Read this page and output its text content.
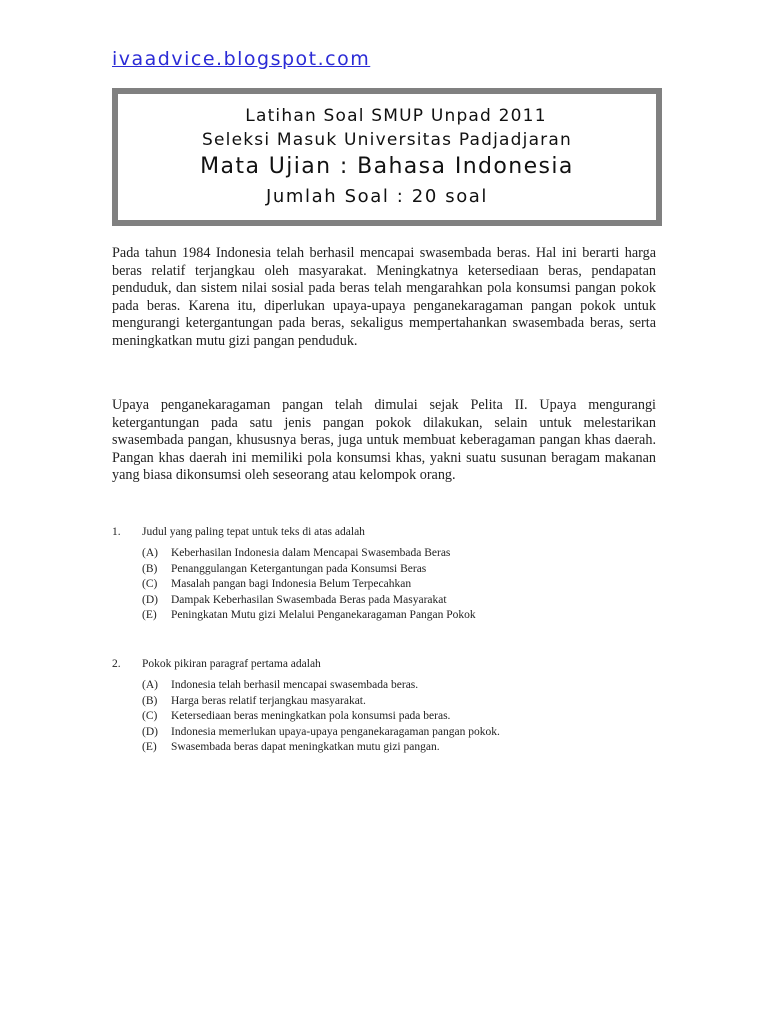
ivaadvice.blogspot.com
Latihan Soal SMUP Unpad 2011
Seleksi Masuk Universitas Padjadjaran
Mata Ujian : Bahasa Indonesia
Jumlah Soal : 20 soal

Pada tahun 1984 Indonesia telah berhasil mencapai swasembada beras. Hal ini berarti harga beras relatif terjangkau oleh masyarakat. Meningkatnya ketersediaan beras, pendapatan penduduk, dan sistem nilai sosial pada beras telah mengarahkan pola konsumsi pangan pokok pada beras. Karena itu, diperlukan upaya-upaya penganekaragaman pangan pokok untuk mengurangi ketergantungan pada beras, sekaligus mempertahankan swasembada beras, serta meningkatkan mutu gizi pangan penduduk.

Upaya penganekaragaman pangan telah dimulai sejak Pelita II. Upaya mengurangi ketergantungan pada satu jenis pangan pokok dilakukan, selain untuk melestarikan swasembada pangan, khususnya beras, juga untuk membuat keberagaman pangan khas daerah. Pangan khas daerah ini memiliki pola konsumsi khas, yakni suatu susunan beragam makanan yang biasa dikonsumsi oleh seseorang atau kelompok orang.

1.	Judul yang paling tepat untuk teks di atas adalah
(A)	Keberhasilan Indonesia dalam Mencapai Swasembada Beras
(B)	Penanggulangan Ketergantungan pada Konsumsi Beras
(C)	Masalah pangan bagi Indonesia Belum Terpecahkan
(D)	Dampak Keberhasilan Swasembada Beras pada Masyarakat
(E)	Peningkatan Mutu gizi Melalui Penganekaragaman Pangan Pokok
2.	Pokok pikiran paragraf pertama adalah
(A)	Indonesia telah berhasil mencapai swasembada beras.
(B)	Harga beras relatif terjangkau masyarakat.
(C)	Ketersediaan beras meningkatkan pola konsumsi pada beras.
(D)	Indonesia memerlukan upaya-upaya penganekaragaman pangan pokok.
(E)	Swasembada beras dapat meningkatkan mutu gizi pangan.
